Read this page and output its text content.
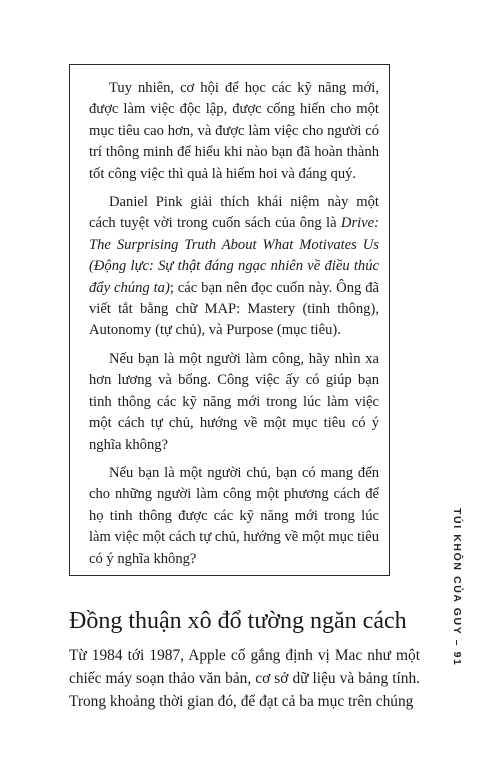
Tuy nhiên, cơ hội để học các kỹ năng mới, được làm việc độc lập, được cống hiến cho một mục tiêu cao hơn, và được làm việc cho người có trí thông minh để hiểu khi nào bạn đã hoàn thành tốt công việc thì quả là hiếm hoi và đáng quý.

Daniel Pink giải thích khái niệm này một cách tuyệt vời trong cuốn sách của ông là Drive: The Surprising Truth About What Motivates Us (Động lực: Sự thật đáng ngạc nhiên về điều thúc đẩy chúng ta); các bạn nên đọc cuốn này. Ông đã viết tắt bằng chữ MAP: Mastery (tinh thông), Autonomy (tự chủ), và Purpose (mục tiêu).

Nếu bạn là một người làm công, hãy nhìn xa hơn lương và bổng. Công việc ấy có giúp bạn tinh thông các kỹ năng mới trong lúc làm việc một cách tự chủ, hướng về một mục tiêu có ý nghĩa không?

Nếu bạn là một người chủ, bạn có mang đến cho những người làm công một phương cách để họ tinh thông được các kỹ năng mới trong lúc làm việc một cách tự chủ, hướng về một mục tiêu có ý nghĩa không?

Đồng thuận xô đổ tường ngăn cách

Từ 1984 tới 1987, Apple cố gắng định vị Mac như một chiếc máy soạn thảo văn bản, cơ sở dữ liệu và bảng tính. Trong khoảng thời gian đó, để đạt cả ba mục trên chúng

TÚI KHÔN CỦA GUY – 91
